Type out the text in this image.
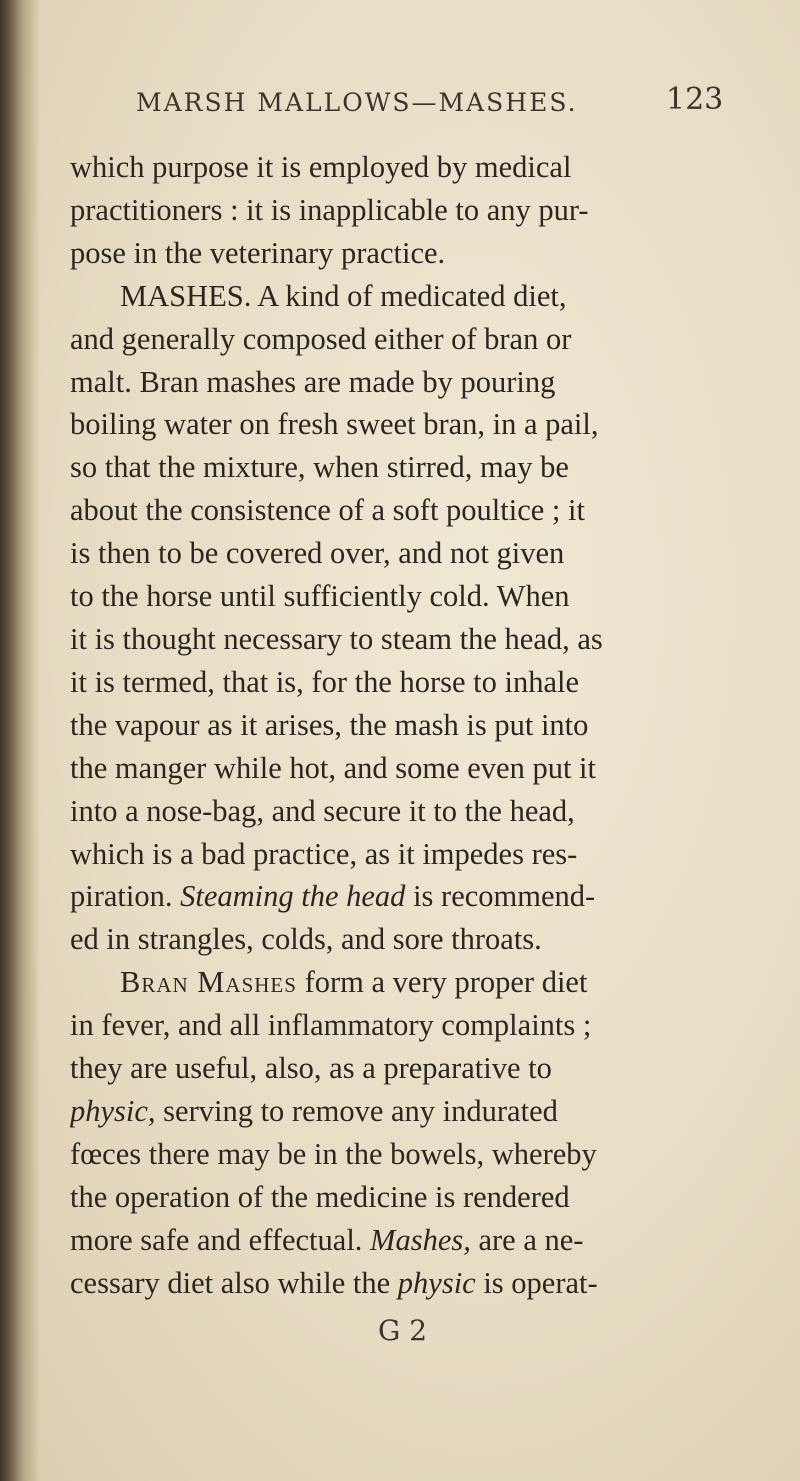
MARSH MALLOWS—MASHES.	123
which purpose it is employed by medical
practitioners : it is inapplicable to any pur-
pose in the veterinary practice.
MASHES. A kind of medicated diet,
and generally composed either of bran or
malt. Bran mashes are made by pouring
boiling water on fresh sweet bran, in a pail,
so that the mixture, when stirred, may be
about the consistence of a soft poultice ; it
is then to be covered over, and not given
to the horse until sufficiently cold. When
it is thought necessary to steam the head, as
it is termed, that is, for the horse to inhale
the vapour as it arises, the mash is put into
the manger while hot, and some even put it
into a nose-bag, and secure it to the head,
which is a bad practice, as it impedes res-
piration. Steaming the head is recommend-
ed in strangles, colds, and sore throats.
Bran Mashes form a very proper diet
in fever, and all inflammatory complaints ;
they are useful, also, as a preparative to
physic, serving to remove any indurated
fœces there may be in the bowels, whereby
the operation of the medicine is rendered
more safe and effectual. Mashes, are a ne-
cessary diet also while the physic is operat-
G 2
